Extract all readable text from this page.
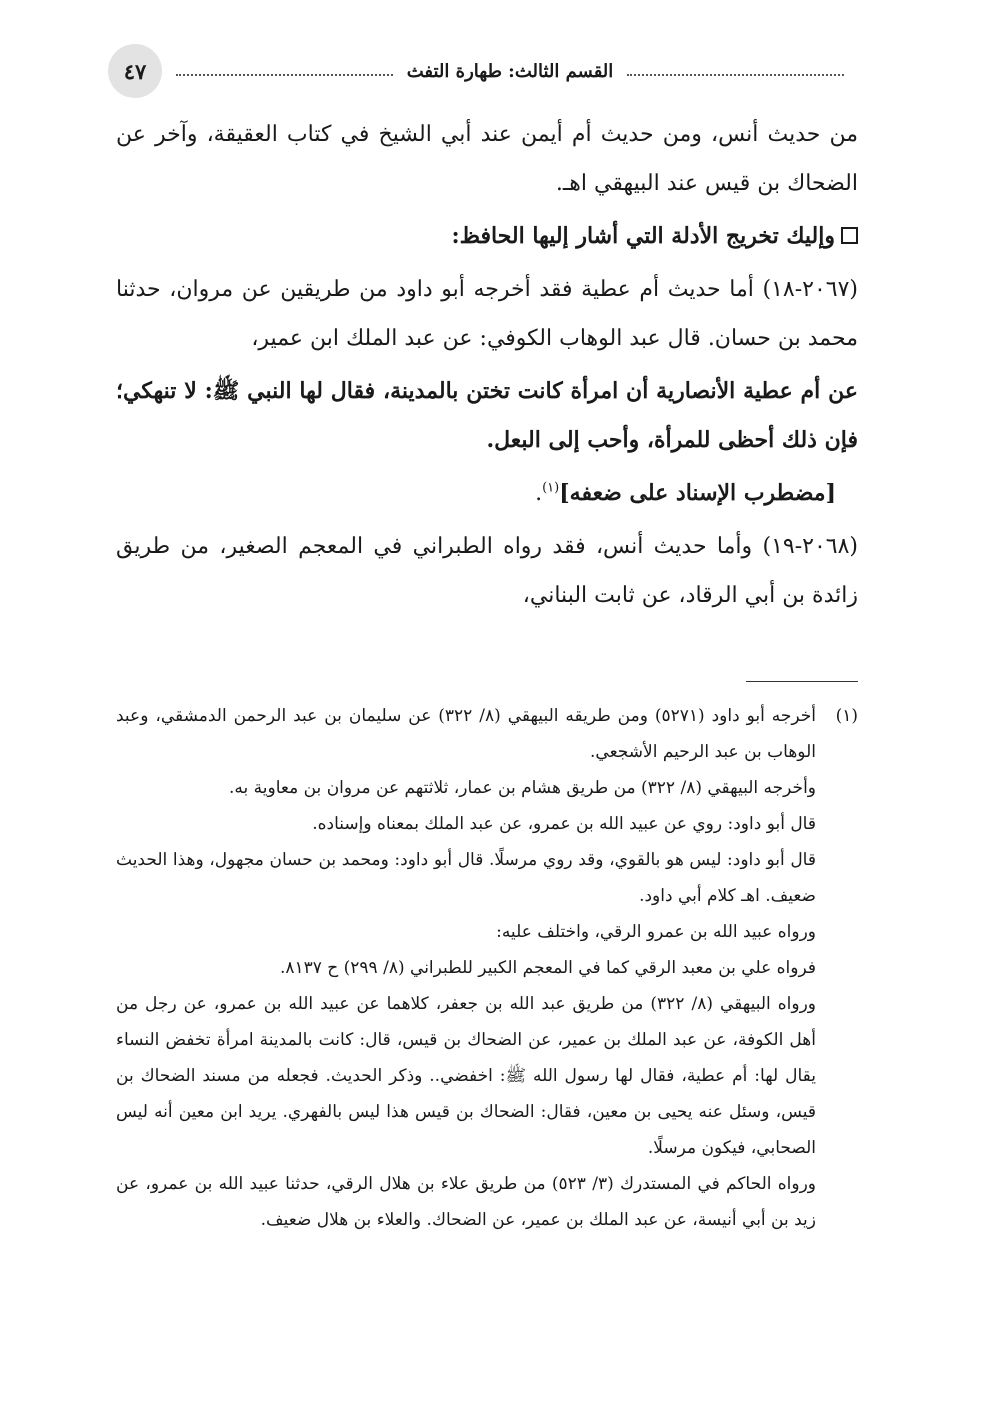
٤٧	القسم الثالث: طهارة التفث

من حديث أنس، ومن حديث أم أيمن عند أبي الشيخ في كتاب العقيقة، وآخر عن الضحاك بن قيس عند البيهقي اهـ.

وإليك تخريج الأدلة التي أشار إليها الحافظ:

(٢٠٦٧-١٨) أما حديث أم عطية فقد أخرجه أبو داود من طريقين عن مروان، حدثنا محمد بن حسان. قال عبد الوهاب الكوفي: عن عبد الملك ابن عمير،

عن أم عطية الأنصارية أن امرأة كانت تختن بالمدينة، فقال لها النبي ﷺ: لا تنهكي؛ فإن ذلك أحظى للمرأة، وأحب إلى البعل.

[مضطرب الإسناد على ضعفه]$^{(١)}$.

(٢٠٦٨-١٩) وأما حديث أنس، فقد رواه الطبراني في المعجم الصغير، من طريق زائدة بن أبي الرقاد، عن ثابت البناني،

(١)

أخرجه أبو داود (٥٢٧١) ومن طريقه البيهقي (٨/ ٣٢٢) عن سليمان بن عبد الرحمن الدمشقي، وعبد الوهاب بن عبد الرحيم الأشجعي.

وأخرجه البيهقي (٨/ ٣٢٢) من طريق هشام بن عمار، ثلاثتهم عن مروان بن معاوية به.

قال أبو داود: روي عن عبيد الله بن عمرو، عن عبد الملك بمعناه وإسناده.

قال أبو داود: ليس هو بالقوي، وقد روي مرسلًا. قال أبو داود: ومحمد بن حسان مجهول، وهذا الحديث ضعيف. اهـ كلام أبي داود.

ورواه عبيد الله بن عمرو الرقي، واختلف عليه:

فرواه علي بن معبد الرقي كما في المعجم الكبير للطبراني (٨/ ٢٩٩) ح ٨١٣٧.

ورواه البيهقي (٨/ ٣٢٢) من طريق عبد الله بن جعفر، كلاهما عن عبيد الله بن عمرو، عن رجل من أهل الكوفة، عن عبد الملك بن عمير، عن الضحاك بن قيس، قال: كانت بالمدينة امرأة تخفض النساء يقال لها: أم عطية، فقال لها رسول الله ﷺ: اخفضي.. وذكر الحديث. فجعله من مسند الضحاك بن قيس، وسئل عنه يحيى بن معين، فقال: الضحاك بن قيس هذا ليس بالفهري. يريد ابن معين أنه ليس الصحابي، فيكون مرسلًا.

ورواه الحاكم في المستدرك (٣/ ٥٢٣) من طريق علاء بن هلال الرقي، حدثنا عبيد الله بن عمرو، عن زيد بن أبي أنيسة، عن عبد الملك بن عمير، عن الضحاك. والعلاء بن هلال ضعيف.
